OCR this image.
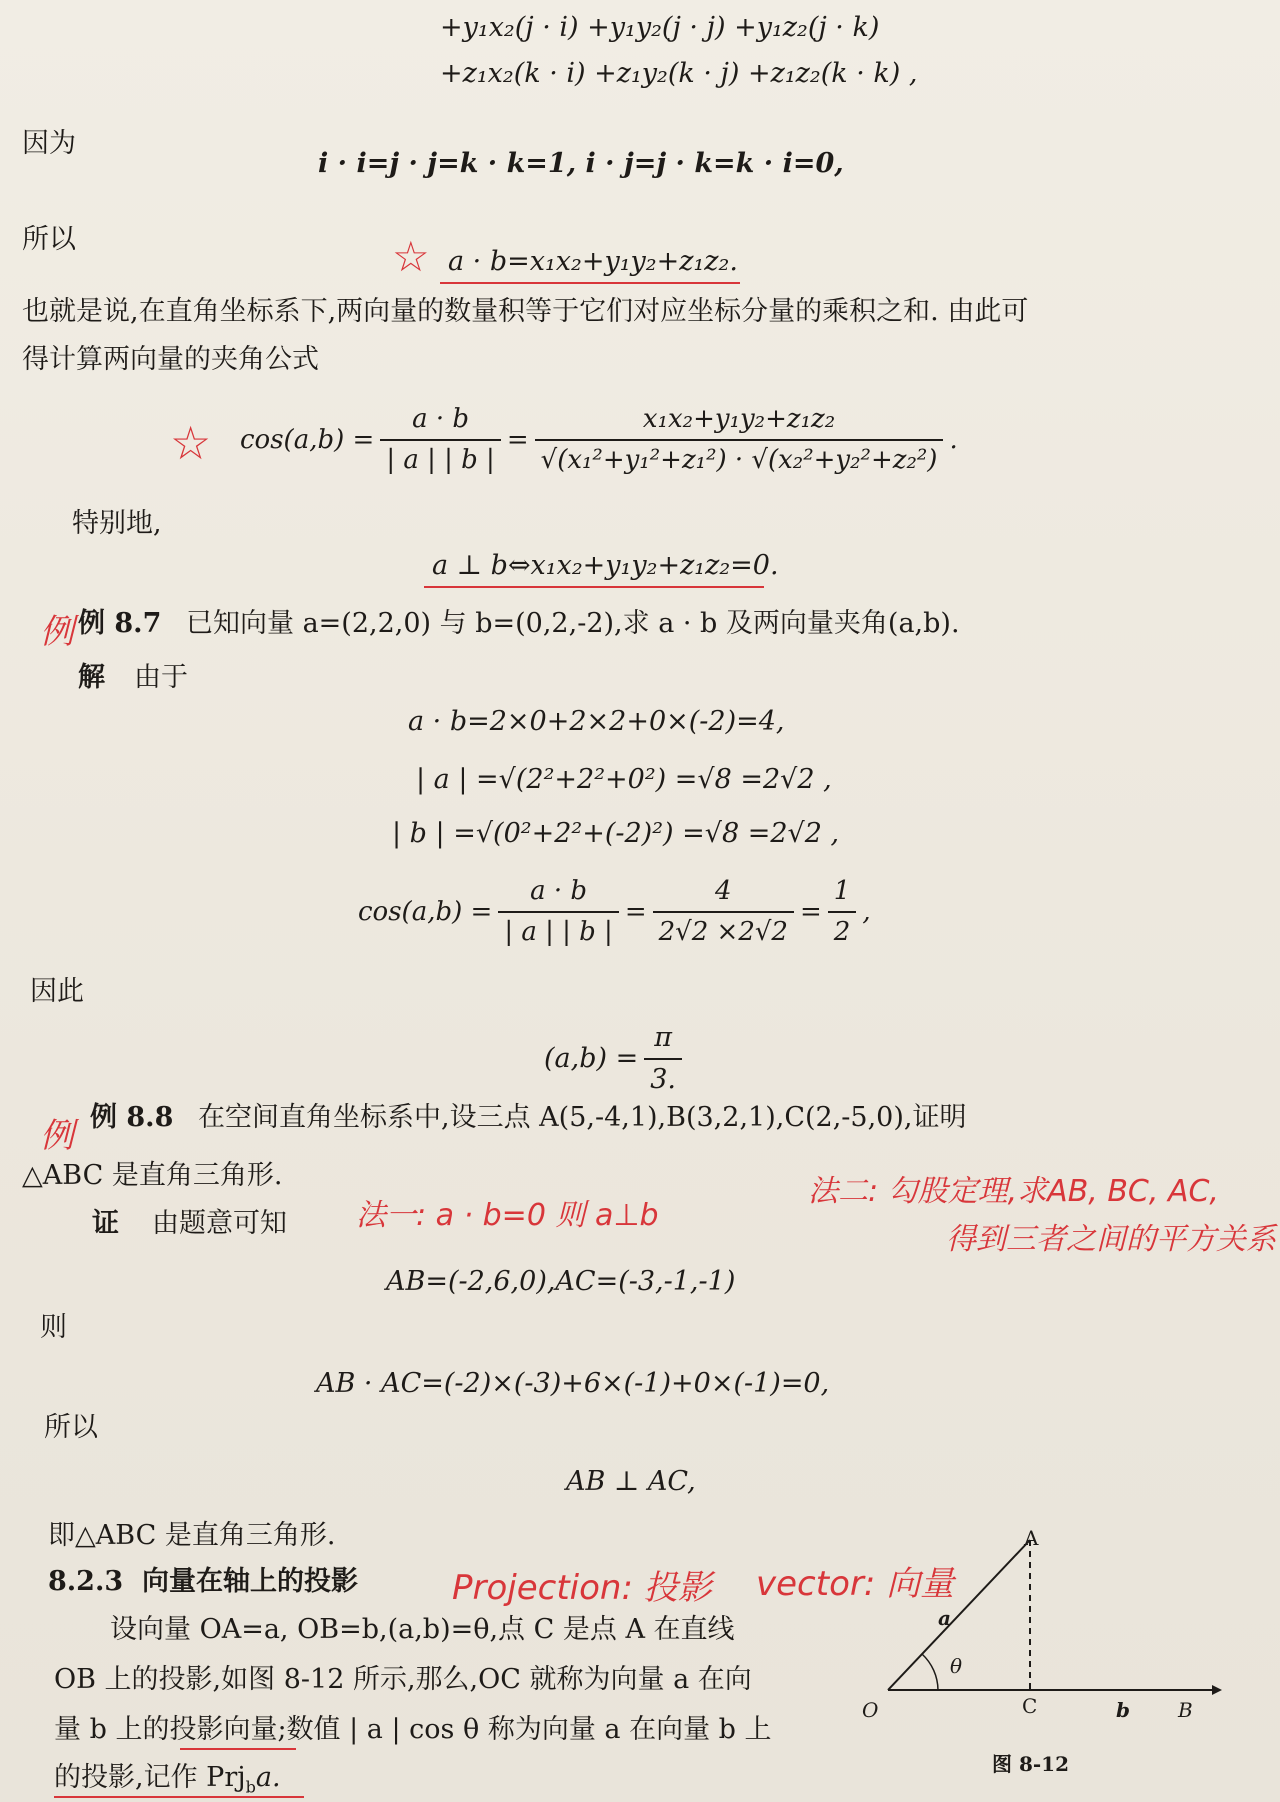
+y₁x₂(j · i) +y₁y₂(j · j) +y₁z₂(j · k)
+z₁x₂(k · i) +z₁y₂(k · j) +z₁z₂(k · k) ,
因为
i · i=j · j=k · k=1, i · j=j · k=k · i=0,
所以	☆ a · b=x₁x₂+y₁y₂+z₁z₂.
也就是说,在直角坐标系下,两向量的数量积等于它们对应坐标分量的乘积之和. 由此可
得计算两向量的夹角公式
☆ $\cos(a,b) = \frac{a \cdot b}{| a | | b |} = \frac{\text{x₁x₂+y₁y₂+z₁z₂}}{\text{√(x₁²+y₁²+z₁²) · √(x₂²+y₂²+z₂²)}}$ .
特别地,
a ⊥ b⇔x₁x₂+y₁y₂+z₁z₂=0.
例 例 8.7 已知向量 a=(2,2,0) 与 b=(0,2,-2),求 a · b 及两向量夹角(a,b).
解 由于
a · b=2×0+2×2+0×(-2)=4,
| a | =√(2²+2²+0²) =√8 =2√2 ,
| b | =√(0²+2²+(-2)²) =√8 =2√2 ,
$\cos(a,b) = \frac{a \cdot b}{| a | | b |} = \frac{4}{2√2 \times 2√2} = \frac{1}{2}$ ,
因此
$(a,b) = \frac{\pi}{3.}$
例 例 8.8 在空间直角坐标系中,设三点 A(5,-4,1),B(3,2,1),C(2,-5,0),证明
△ABC 是直角三角形.
证 由题意可知 法一: a · b=0 则 a⊥b
法二: 勾股定理,求AB, BC, AC,
得到三者之间的平方关系
AB=(-2,6,0),AC=(-3,-1,-1)
则
AB · AC=(-2)×(-3)+6×(-1)+0×(-1)=0,
所以
AB ⊥ AC,
即△ABC 是直角三角形.
8.2.3 向量在轴上的投影	Projection: 投影 vector: 向量
设向量 OA=a, OB=b,(a,b)=θ,点 C 是点 A 在直线
OB 上的投影,如图 8-12 所示,那么,OC 就称为向量 a 在向
量 b 上的投影向量;数值 | a | cos θ 称为向量 a 在向量 b 上
的投影,记作 Prj$_b$a.
A
a
θ
O	C	b B
图 8-12
